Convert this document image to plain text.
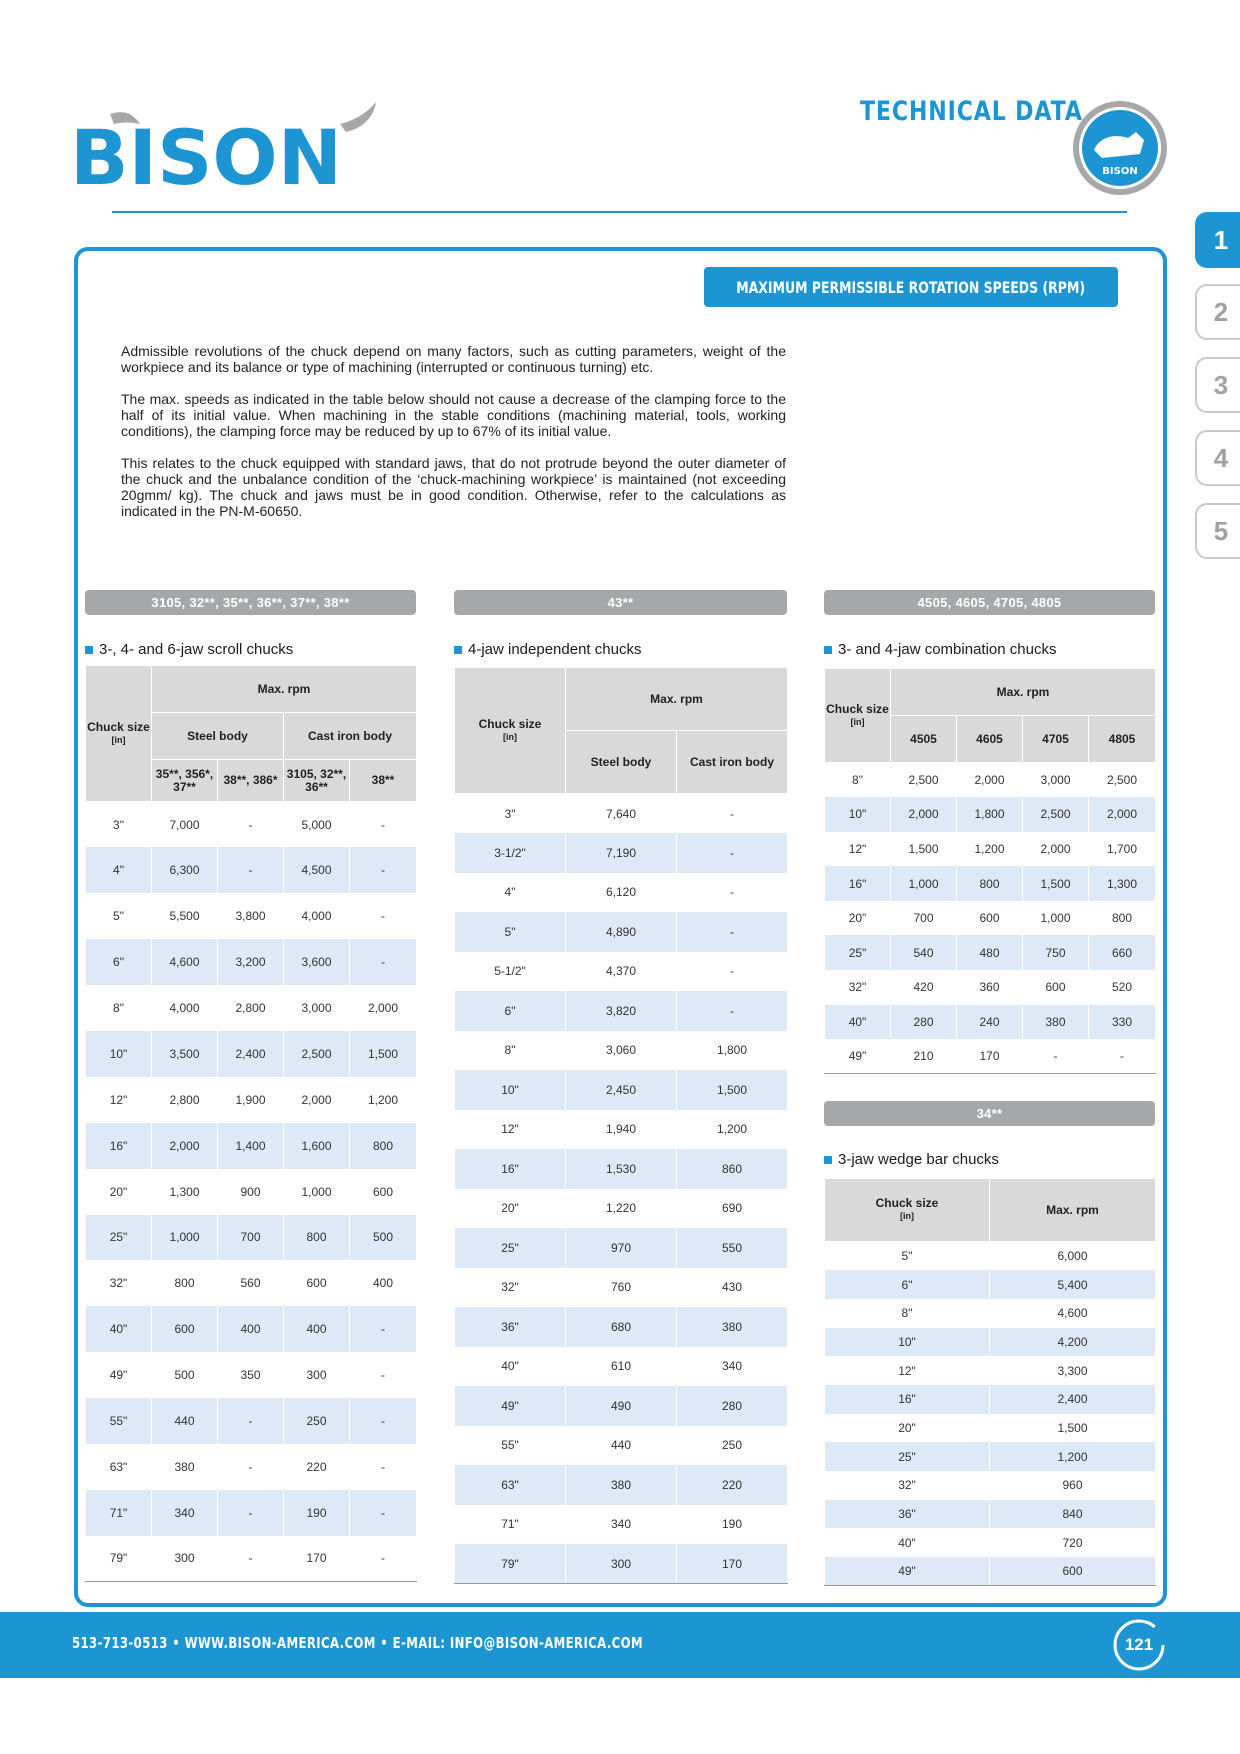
BISON
TECHNICAL DATA
BISON
1
2
3
4
5
MAXIMUM PERMISSIBLE ROTATION SPEEDS (RPM)

Admissible revolutions of the chuck depend on many factors, such as cutting parameters, weight of the workpiece and its balance or type of machining (interrupted or continuous turning) etc.

The max. speeds as indicated in the table below should not cause a decrease of the clamping force to the half of its initial value. When machining in the stable conditions (machining material, tools, working conditions), the clamping force may be reduced by up to 67% of its initial value.

This relates to the chuck equipped with standard jaws, that do not protrude beyond the outer diameter of the chuck and the unbalance condition of the ‘chuck-machining workpiece’ is maintained (not exceeding 20gmm/ kg). The chuck and jaws must be in good condition. Otherwise, refer to the calculations as indicated in the PN-M-60650.

3105, 32**, 35**, 36**, 37**, 38**	43**	4505, 4605, 4705, 4805
34**
3-, 4- and 6-jaw scroll chucks	4-jaw independent chucks	3- and 4-jaw combination chucks
3-jaw wedge bar chucks
Chuck size
[in]	Max. rpm			
	Steel body		Cast iron body	
	35**, 356*, 37**	38**, 386*	3105, 32**, 36**	38**
3"	7,000	-	5,000	-
4"	6,300	-	4,500	-
5"	5,500	3,800	4,000	-
6"	4,600	3,200	3,600	-
8"	4,000	2,800	3,000	2,000
10"	3,500	2,400	2,500	1,500
12"	2,800	1,900	2,000	1,200
16"	2,000	1,400	1,600	800
20"	1,300	900	1,000	600
25"	1,000	700	800	500
32"	800	560	600	400
40"	600	400	400	-
49"	500	350	300	-
55"	440	-	250	-
63"	380	-	220	-
71"	340	-	190	-
79"	300	-	170	-
Chuck size
[in]	Max. rpm	
	Steel body	Cast iron body
3"	7,640	-
3-1/2"	7,190	-
4"	6,120	-
5"	4,890	-
5-1/2"	4,370	-
6"	3,820	-
8"	3,060	1,800
10"	2,450	1,500
12"	1,940	1,200
16"	1,530	860
20"	1,220	690
25"	970	550
32"	760	430
36"	680	380
40"	610	340
49"	490	280
55"	440	250
63"	380	220
71"	340	190
79"	300	170
Chuck size
[in]	Max. rpm			
	4505	4605	4705	4805
8"	2,500	2,000	3,000	2,500
10"	2,000	1,800	2,500	2,000
12"	1,500	1,200	2,000	1,700
16"	1,000	800	1,500	1,300
20"	700	600	1,000	800
25"	540	480	750	660
32"	420	360	600	520
40"	280	240	380	330
49"	210	170	-	-
Chuck size
[in]	Max. rpm
5"	6,000
6"	5,400
8"	4,600
10"	4,200
12"	3,300
16"	2,400
20"	1,500
25"	1,200
32"	960
36"	840
40"	720
49"	600
513-713-0513 • WWW.BISON-AMERICA.COM • E-MAIL: INFO@BISON-AMERICA.COM	121
